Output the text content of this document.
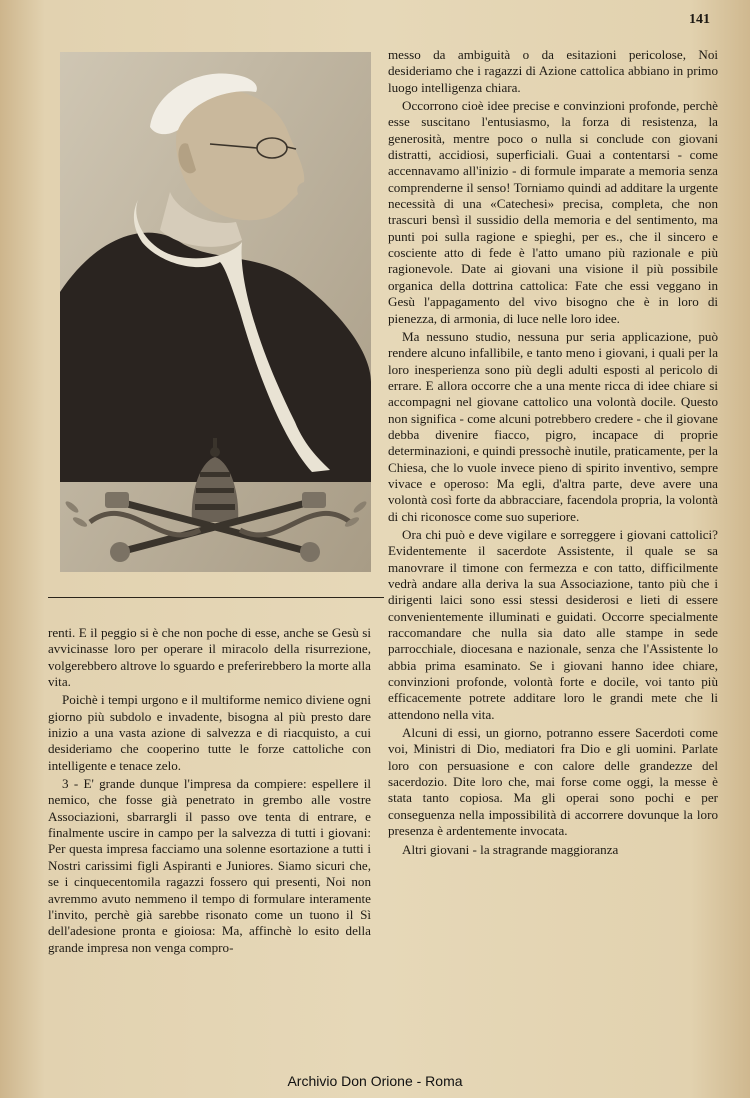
141

renti. E il peggio si è che non poche di esse, anche se Gesù si avvicinasse loro per operare il miracolo della risurrezione, volgerebbero altrove lo sguardo e preferirebbero la morte alla vita.

Poichè i tempi urgono e il multiforme nemico diviene ogni giorno più subdolo e invadente, bisogna al più presto dare inizio a una vasta azione di salvezza e di riacquisto, a cui desideriamo che cooperino tutte le forze cattoliche con intelligente e tenace zelo.

3 - E' grande dunque l'impresa da compiere: espellere il nemico, che fosse già penetrato in grembo alle vostre Associazioni, sbarrargli il passo ove tenta di entrare, e finalmente uscire in campo per la salvezza di tutti i giovani: Per questa impresa facciamo una solenne esortazione a tutti i Nostri carissimi figli Aspiranti e Juniores. Siamo sicuri che, se i cinquecentomila ragazzi fossero qui presenti, Noi non avremmo avuto nemmeno il tempo di formulare interamente l'invito, perchè già sarebbe risonato come un tuono il Sì dell'adesione pronta e gioiosa: Ma, affinchè lo esito della grande impresa non venga compro-

messo da ambiguità o da esitazioni pericolose, Noi desideriamo che i ragazzi di Azione cattolica abbiano in primo luogo intelligenza chiara.

Occorrono cioè idee precise e convinzioni profonde, perchè esse suscitano l'entusiasmo, la forza di resistenza, la generosità, mentre poco o nulla si conclude con giovani distratti, accidiosi, superficiali. Guai a contentarsi - come accennavamo all'inizio - di formule imparate a memoria senza comprenderne il senso! Torniamo quindi ad additare la urgente necessità di una «Catechesi» precisa, completa, che non trascuri bensì il sussidio della memoria e del sentimento, ma punti poi sulla ragione e spieghi, per es., che il sincero e cosciente atto di fede è l'atto umano più razionale e più ragionevole. Date ai giovani una visione il più possibile organica della dottrina cattolica: Fate che essi veggano in Gesù l'appagamento del vivo bisogno che è in loro di pienezza, di armonia, di luce nelle loro idee.

Ma nessuno studio, nessuna pur seria applicazione, può rendere alcuno infallibile, e tanto meno i giovani, i quali per la loro inesperienza sono più degli adulti esposti al pericolo di errare. E allora occorre che a una mente ricca di idee chiare si accompagni nel giovane cattolico una volontà docile. Questo non significa - come alcuni potrebbero credere - che il giovane debba divenire fiacco, pigro, incapace di proprie determinazioni, e quindi pressochè inutile, praticamente, per la Chiesa, che lo vuole invece pieno di spirito inventivo, sempre vivace e operoso: Ma egli, d'altra parte, deve avere una volontà così forte da abbracciare, facendola propria, la volontà di chi riconosce come suo superiore.

Ora chi può e deve vigilare e sorreggere i giovani cattolici? Evidentemente il sacerdote Assistente, il quale se sa manovrare il timone con fermezza e con tatto, difficilmente vedrà andare alla deriva la sua Associazione, tanto più che i dirigenti laici sono essi stessi desiderosi e lieti di essere convenientemente illuminati e guidati. Occorre specialmente raccomandare che nulla sia dato alle stampe in sede parrocchiale, diocesana e nazionale, senza che l'Assistente lo abbia prima esaminato. Se i giovani hanno idee chiare, convinzioni profonde, volontà forte e docile, voi tanto più efficacemente potrete additare loro le grandi mete che li attendono nella vita.

Alcuni di essi, un giorno, potranno essere Sacerdoti come voi, Ministri di Dio, mediatori fra Dio e gli uomini. Parlate loro con persuasione e con calore delle grandezze del sacerdozio. Dite loro che, mai forse come oggi, la messe è stata tanto copiosa. Ma gli operai sono pochi e per conseguenza nella impossibilità di accorrere dovunque la loro presenza è ardentemente invocata.

Altri giovani - la stragrande maggioranza

Archivio Don Orione - Roma
